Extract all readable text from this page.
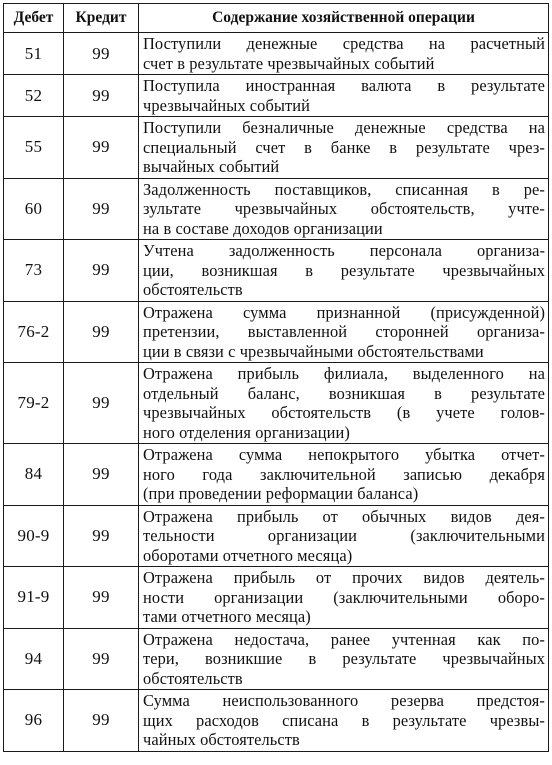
Дебет	Кредит	Содержание хозяйственной операции
51	99	Поступили денежные средства на расчетный
счет в результате чрезвычайных событий

52	99	Поступила иностранная валюта в результате
чрезвычайных событий

55	99	Поступили безналичные денежные средства на
специальный счет в банке в результате чрез-
вычайных событий

60	99	Задолженность поставщиков, списанная в ре-
зультате чрезвычайных обстоятельств, учте-
на в составе доходов организации

73	99	Учтена задолженность персонала организа-
ции, возникшая в результате чрезвычайных
обстоятельств

76-2	99	Отражена сумма признанной (присужденной)
претензии, выставленной сторонней организа-
ции в связи с чрезвычайными обстоятельствами

79-2	99	Отражена прибыль филиала, выделенного на
отдельный баланс, возникшая в результате
чрезвычайных обстоятельств (в учете голов-
ного отделения организации)

84	99	Отражена сумма непокрытого убытка отчет-
ного года заключительной записью декабря
(при проведении реформации баланса)

90-9	99	Отражена прибыль от обычных видов дея-
тельности организации (заключительными
оборотами отчетного месяца)

91-9	99	Отражена прибыль от прочих видов деятель-
ности организации (заключительными оборо-
тами отчетного месяца)

94	99	Отражена недостача, ранее учтенная как по-
тери, возникшие в результате чрезвычайных
обстоятельств

96	99	Сумма неиспользованного резерва предстоя-
щих расходов списана в результате чрезвы-
чайных обстоятельств
